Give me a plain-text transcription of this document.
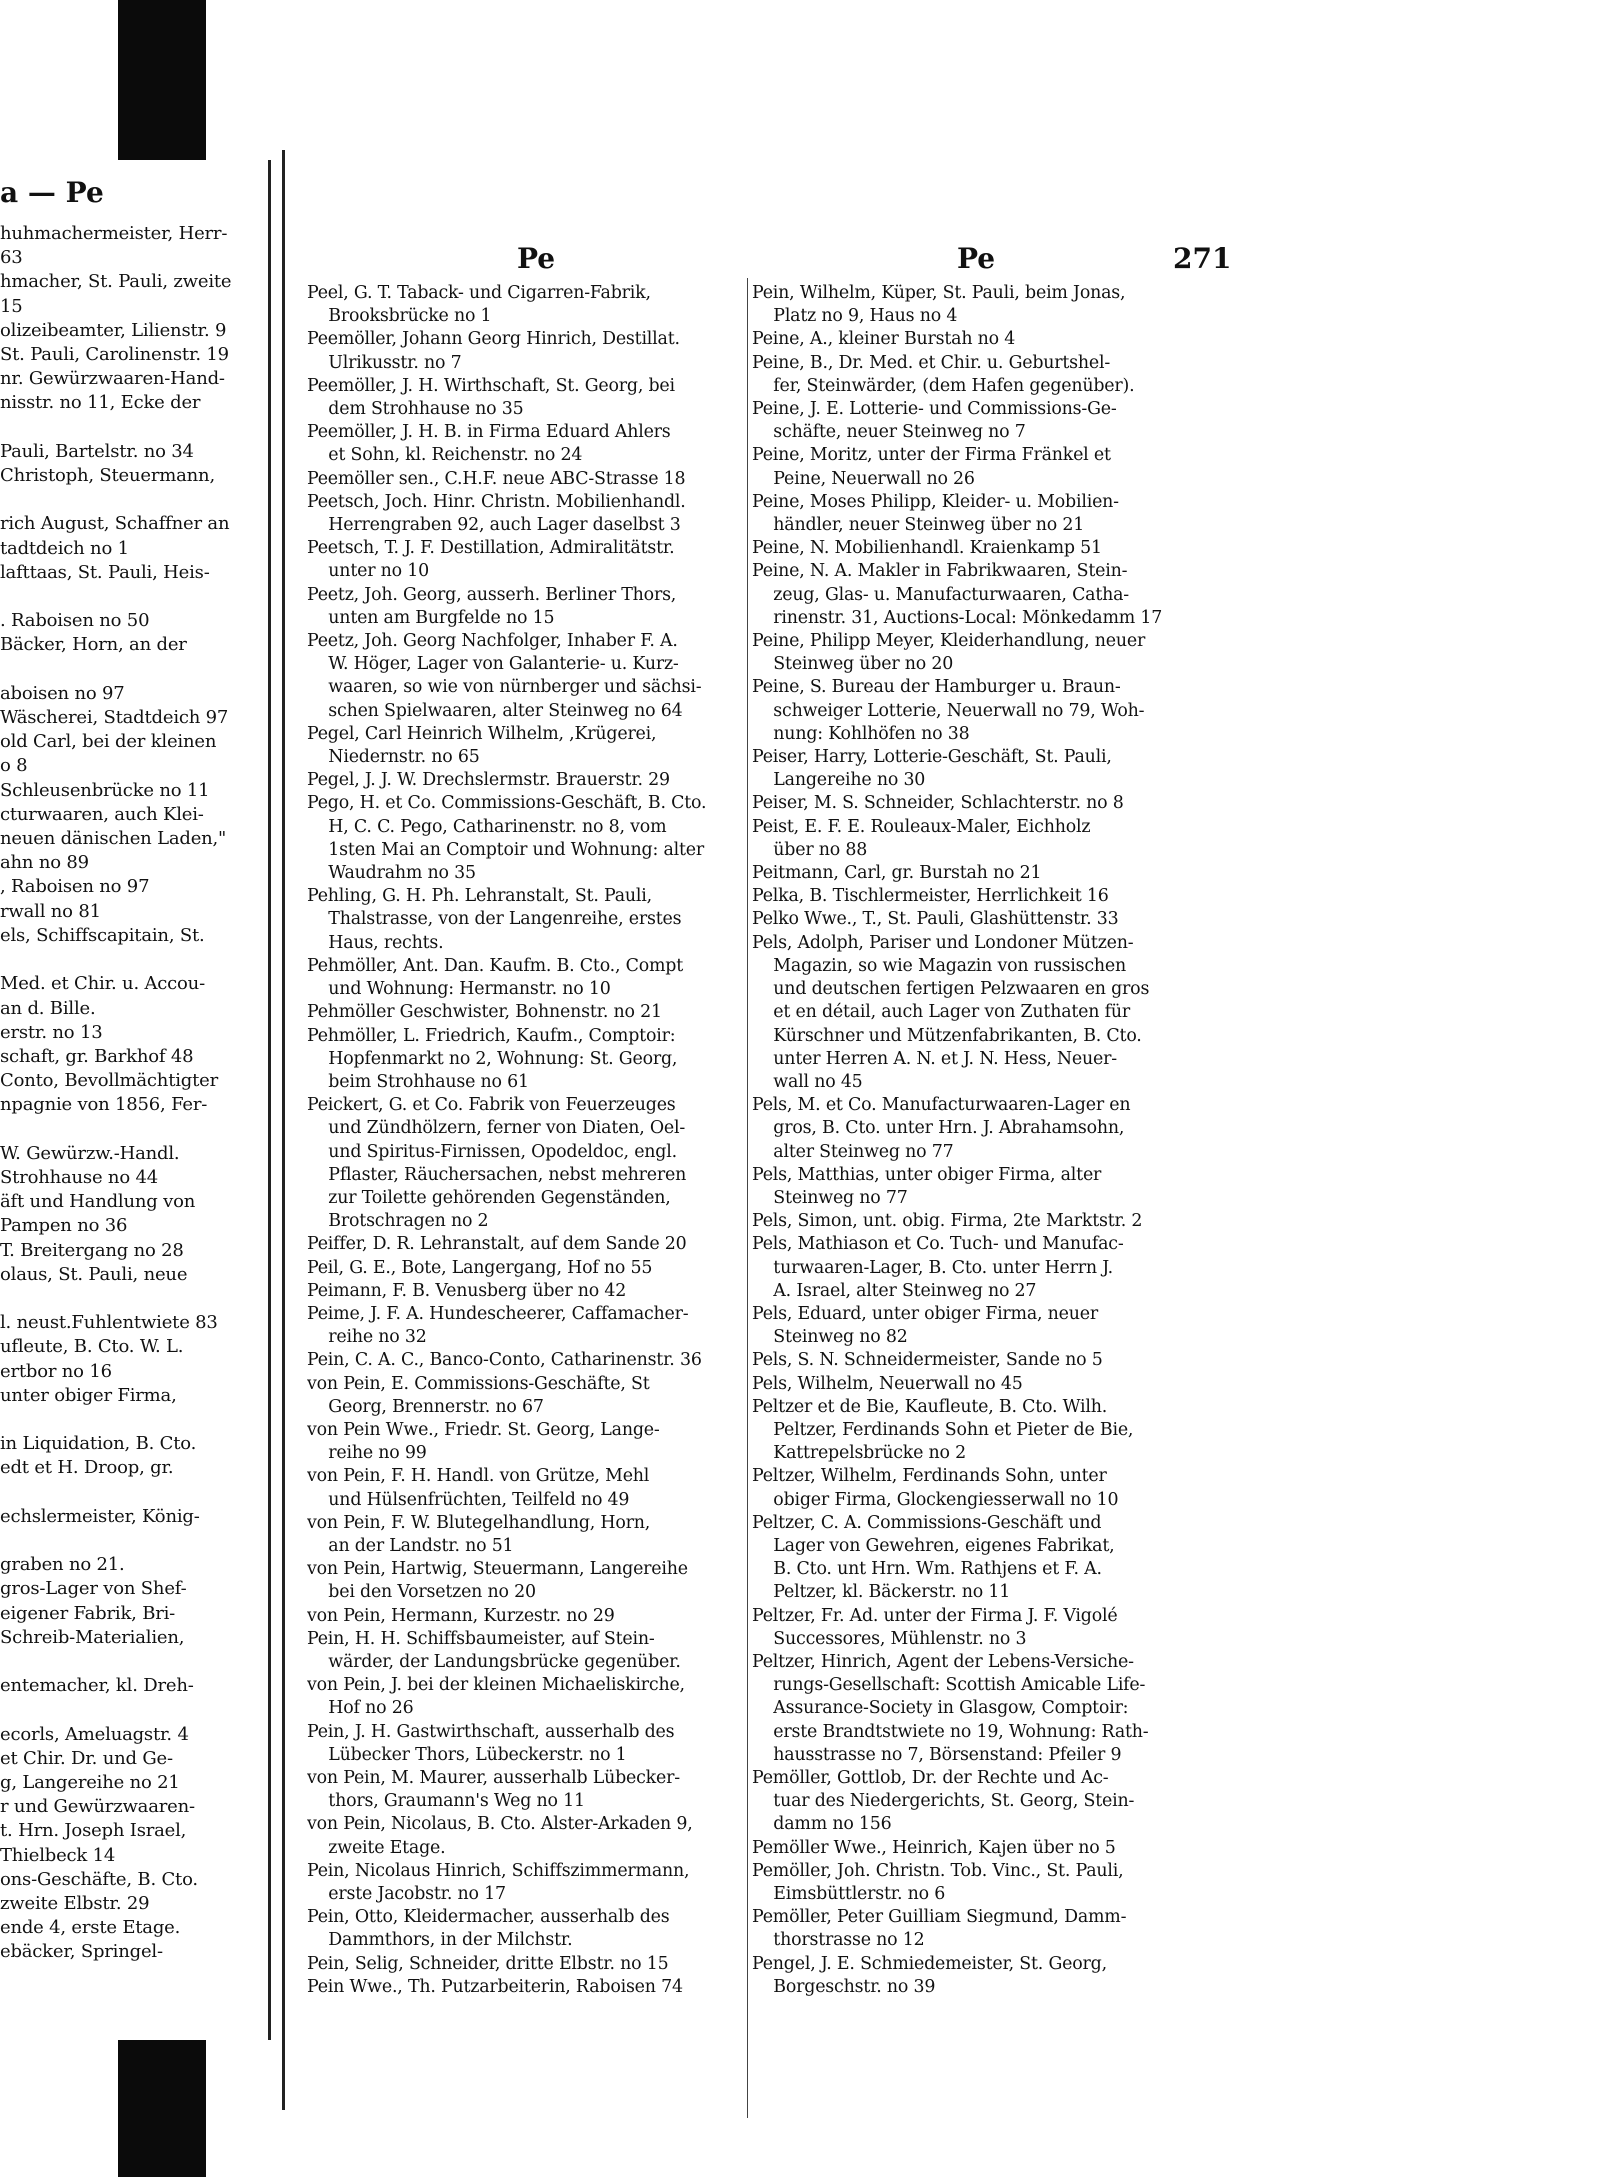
a — Pe
huhmachermeister, Herr-
63
hmacher, St. Pauli, zweite
15
olizeibeamter, Lilienstr. 9
St. Pauli, Carolinenstr. 19
nr. Gewürzwaaren-Hand-
nisstr. no 11, Ecke der

Pauli, Bartelstr. no 34
Christoph, Steuermann,

rich August, Schaffner an
tadtdeich no 1
lafttaas, St. Pauli, Heis-

. Raboisen no 50
Bäcker, Horn, an der

aboisen no 97
Wäscherei, Stadtdeich 97
old Carl, bei der kleinen
o 8
Schleusenbrücke no 11
cturwaaren, auch Klei-
neuen dänischen Laden,"
ahn no 89
, Raboisen no 97
rwall no 81
els, Schiffscapitain, St.

Med. et Chir. u. Accou-
an d. Bille.
erstr. no 13
schaft, gr. Barkhof 48
Conto, Bevollmächtigter
npagnie von 1856, Fer-

W. Gewürzw.-Handl.
Strohhause no 44
äft und Handlung von
Pampen no 36
T. Breitergang no 28
olaus, St. Pauli, neue

l. neust.Fuhlentwiete 83
ufleute, B. Cto. W. L.
ertbor no 16
unter obiger Firma,

in Liquidation, B. Cto.
edt et H. Droop, gr.

echslermeister, König-

graben no 21.
gros-Lager von Shef-
eigener Fabrik, Bri-
Schreib-Materialien,

entemacher, kl. Dreh-

ecorls, Ameluagstr. 4
et Chir. Dr. und Ge-
g, Langereihe no 21
r und Gewürzwaaren-
t. Hrn. Joseph Israel,
Thielbeck 14
ons-Geschäfte, B. Cto.
zweite Elbstr. 29
ende 4, erste Etage.
ebäcker, Springel-
Pe	Pe	271
Peel, G. T. Taback- und Cigarren-Fabrik,
Brooksbrücke no 1
Peemöller, Johann Georg Hinrich, Destillat.
Ulrikusstr. no 7
Peemöller, J. H. Wirthschaft, St. Georg, bei
dem Strohhause no 35
Peemöller, J. H. B. in Firma Eduard Ahlers
et Sohn, kl. Reichenstr. no 24
Peemöller sen., C.H.F. neue ABC-Strasse 18
Peetsch, Joch. Hinr. Christn. Mobilienhandl.
Herrengraben 92, auch Lager daselbst 3
Peetsch, T. J. F. Destillation, Admiralitätstr.
unter no 10
Peetz, Joh. Georg, ausserh. Berliner Thors,
unten am Burgfelde no 15
Peetz, Joh. Georg Nachfolger, Inhaber F. A.
W. Höger, Lager von Galanterie- u. Kurz-
waaren, so wie von nürnberger und sächsi-
schen Spielwaaren, alter Steinweg no 64
Pegel, Carl Heinrich Wilhelm, ,Krügerei,
Niedernstr. no 65
Pegel, J. J. W. Drechslermstr. Brauerstr. 29
Pego, H. et Co. Commissions-Geschäft, B. Cto.
H, C. C. Pego, Catharinenstr. no 8, vom
1sten Mai an Comptoir und Wohnung: alter
Waudrahm no 35
Pehling, G. H. Ph. Lehranstalt, St. Pauli,
Thalstrasse, von der Langenreihe, erstes
Haus, rechts.
Pehmöller, Ant. Dan. Kaufm. B. Cto., Compt
und Wohnung: Hermanstr. no 10
Pehmöller Geschwister, Bohnenstr. no 21
Pehmöller, L. Friedrich, Kaufm., Comptoir:
Hopfenmarkt no 2, Wohnung: St. Georg,
beim Strohhause no 61
Peickert, G. et Co. Fabrik von Feuerzeuges
und Zündhölzern, ferner von Diaten, Oel-
und Spiritus-Firnissen, Opodeldoc, engl.
Pflaster, Räuchersachen, nebst mehreren
zur Toilette gehörenden Gegenständen,
Brotschragen no 2
Peiffer, D. R. Lehranstalt, auf dem Sande 20
Peil, G. E., Bote, Langergang, Hof no 55
Peimann, F. B. Venusberg über no 42
Peime, J. F. A. Hundescheerer, Caffamacher-
reihe no 32
Pein, C. A. C., Banco-Conto, Catharinenstr. 36
von Pein, E. Commissions-Geschäfte, St
Georg, Brennerstr. no 67
von Pein Wwe., Friedr. St. Georg, Lange-
reihe no 99
von Pein, F. H. Handl. von Grütze, Mehl
und Hülsenfrüchten, Teilfeld no 49
von Pein, F. W. Blutegelhandlung, Horn,
an der Landstr. no 51
von Pein, Hartwig, Steuermann, Langereihe
bei den Vorsetzen no 20
von Pein, Hermann, Kurzestr. no 29
Pein, H. H. Schiffsbaumeister, auf Stein-
wärder, der Landungsbrücke gegenüber.
von Pein, J. bei der kleinen Michaeliskirche,
Hof no 26
Pein, J. H. Gastwirthschaft, ausserhalb des
Lübecker Thors, Lübeckerstr. no 1
von Pein, M. Maurer, ausserhalb Lübecker-
thors, Graumann's Weg no 11
von Pein, Nicolaus, B. Cto. Alster-Arkaden 9,
zweite Etage.
Pein, Nicolaus Hinrich, Schiffszimmermann,
erste Jacobstr. no 17
Pein, Otto, Kleidermacher, ausserhalb des
Dammthors, in der Milchstr.
Pein, Selig, Schneider, dritte Elbstr. no 15
Pein Wwe., Th. Putzarbeiterin, Raboisen 74
Pein, Wilhelm, Küper, St. Pauli, beim Jonas,
Platz no 9, Haus no 4
Peine, A., kleiner Burstah no 4
Peine, B., Dr. Med. et Chir. u. Geburtshel-
fer, Steinwärder, (dem Hafen gegenüber).
Peine, J. E. Lotterie- und Commissions-Ge-
schäfte, neuer Steinweg no 7
Peine, Moritz, unter der Firma Fränkel et
Peine, Neuerwall no 26
Peine, Moses Philipp, Kleider- u. Mobilien-
händler, neuer Steinweg über no 21
Peine, N. Mobilienhandl. Kraienkamp 51
Peine, N. A. Makler in Fabrikwaaren, Stein-
zeug, Glas- u. Manufacturwaaren, Catha-
rinenstr. 31, Auctions-Local: Mönkedamm 17
Peine, Philipp Meyer, Kleiderhandlung, neuer
Steinweg über no 20
Peine, S. Bureau der Hamburger u. Braun-
schweiger Lotterie, Neuerwall no 79, Woh-
nung: Kohlhöfen no 38
Peiser, Harry, Lotterie-Geschäft, St. Pauli,
Langereihe no 30
Peiser, M. S. Schneider, Schlachterstr. no 8
Peist, E. F. E. Rouleaux-Maler, Eichholz
über no 88
Peitmann, Carl, gr. Burstah no 21
Pelka, B. Tischlermeister, Herrlichkeit 16
Pelko Wwe., T., St. Pauli, Glashüttenstr. 33
Pels, Adolph, Pariser und Londoner Mützen-
Magazin, so wie Magazin von russischen
und deutschen fertigen Pelzwaaren en gros
et en détail, auch Lager von Zuthaten für
Kürschner und Mützenfabrikanten, B. Cto.
unter Herren A. N. et J. N. Hess, Neuer-
wall no 45
Pels, M. et Co. Manufacturwaaren-Lager en
gros, B. Cto. unter Hrn. J. Abrahamsohn,
alter Steinweg no 77
Pels, Matthias, unter obiger Firma, alter
Steinweg no 77
Pels, Simon, unt. obig. Firma, 2te Marktstr. 2
Pels, Mathiason et Co. Tuch- und Manufac-
turwaaren-Lager, B. Cto. unter Herrn J.
A. Israel, alter Steinweg no 27
Pels, Eduard, unter obiger Firma, neuer
Steinweg no 82
Pels, S. N. Schneidermeister, Sande no 5
Pels, Wilhelm, Neuerwall no 45
Peltzer et de Bie, Kaufleute, B. Cto. Wilh.
Peltzer, Ferdinands Sohn et Pieter de Bie,
Kattrepelsbrücke no 2
Peltzer, Wilhelm, Ferdinands Sohn, unter
obiger Firma, Glockengiesserwall no 10
Peltzer, C. A. Commissions-Geschäft und
Lager von Gewehren, eigenes Fabrikat,
B. Cto. unt Hrn. Wm. Rathjens et F. A.
Peltzer, kl. Bäckerstr. no 11
Peltzer, Fr. Ad. unter der Firma J. F. Vigolé
Successores, Mühlenstr. no 3
Peltzer, Hinrich, Agent der Lebens-Versiche-
rungs-Gesellschaft: Scottish Amicable Life-
Assurance-Society in Glasgow, Comptoir:
erste Brandtstwiete no 19, Wohnung: Rath-
hausstrasse no 7, Börsenstand: Pfeiler 9
Pemöller, Gottlob, Dr. der Rechte und Ac-
tuar des Niedergerichts, St. Georg, Stein-
damm no 156
Pemöller Wwe., Heinrich, Kajen über no 5
Pemöller, Joh. Christn. Tob. Vinc., St. Pauli,
Eimsbüttlerstr. no 6
Pemöller, Peter Guilliam Siegmund, Damm-
thorstrasse no 12
Pengel, J. E. Schmiedemeister, St. Georg,
Borgeschstr. no 39
